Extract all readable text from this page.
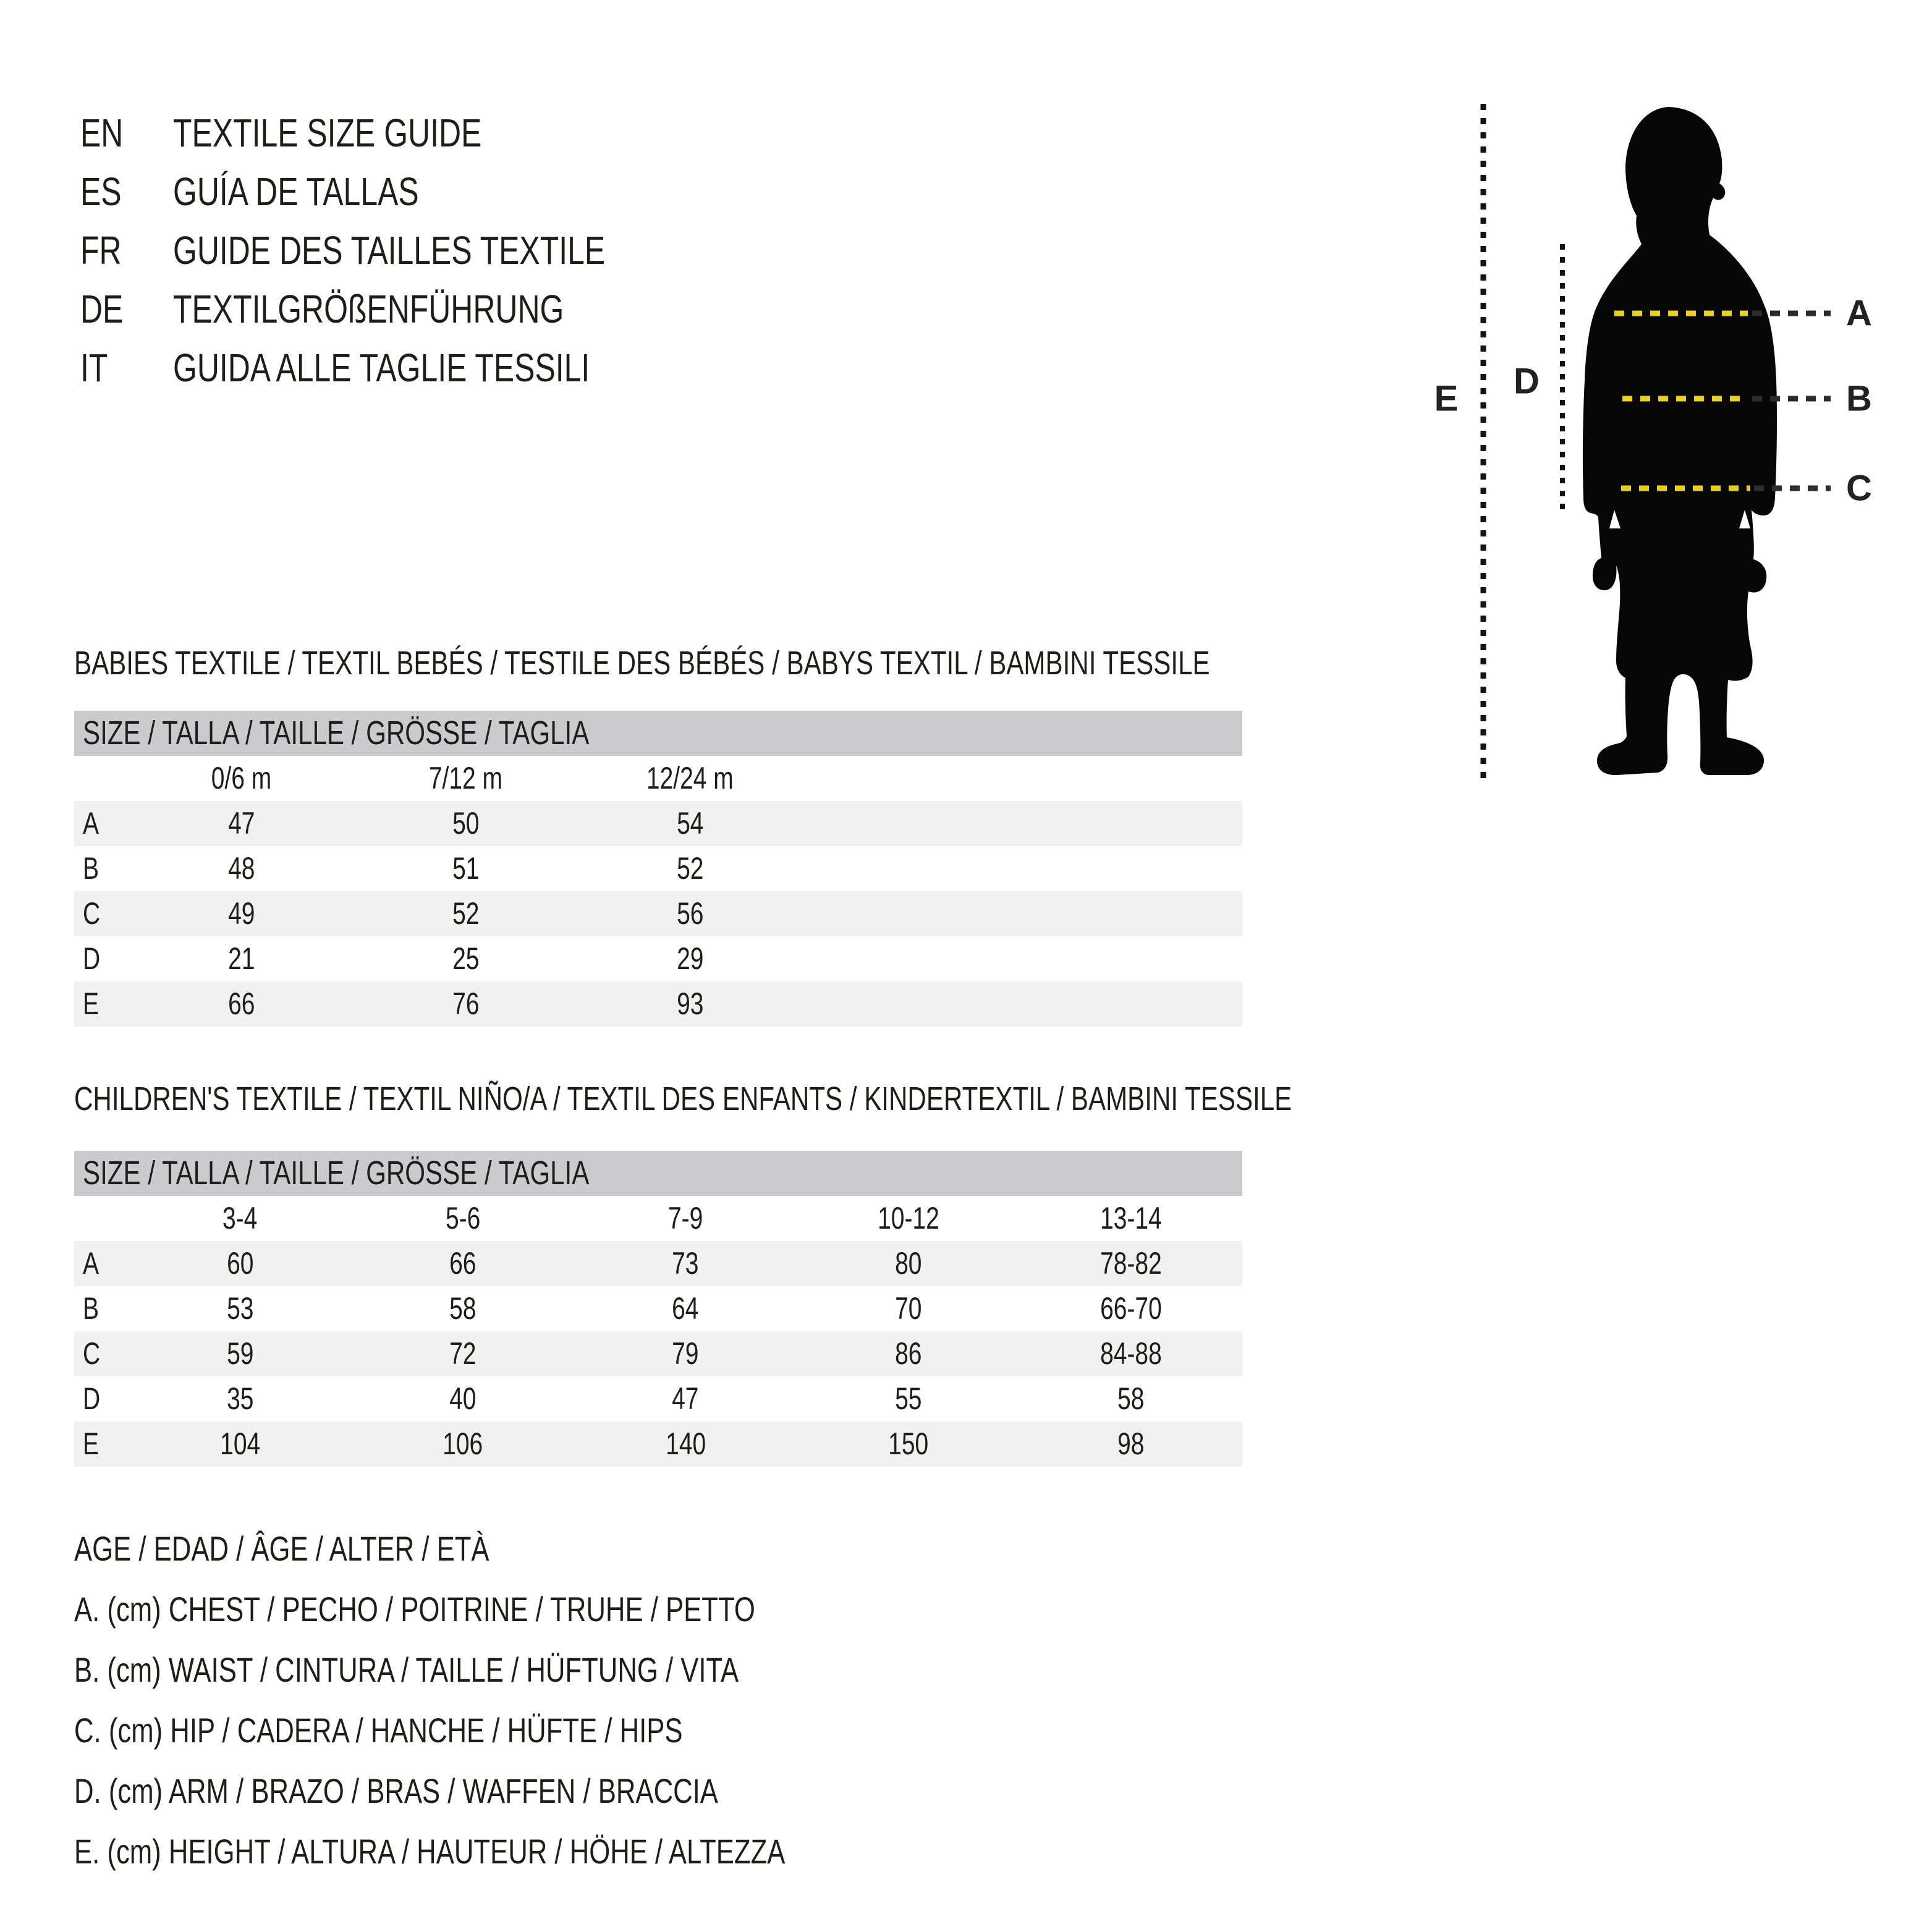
EN	TEXTILE SIZE GUIDE
ES GUÍA DE TALLAS
FR GUIDE DES TAILLES TEXTILE
DE	TEXTILGRÖßENFÜHRUNG
IT GUIDA ALLE TAGLIE TESSILI
A
B
C
D
E
BABIES TEXTILE / TEXTIL BEBÉS / TESTILE DES BÉBÉS / BABYS TEXTIL / BAMBINI TESSILE
SIZE / TALLA / TAILLE / GRÖSSE / TAGLIA
0/6 m	7/12 m	12/24 m
A	47	50	54
B	48	51	52
C	49	52	56
D	21	25	29
E	66	76	93
CHILDREN'S TEXTILE / TEXTIL NIÑO/A / TEXTIL DES ENFANTS / KINDERTEXTIL / BAMBINI TESSILE
SIZE / TALLA / TAILLE / GRÖSSE / TAGLIA
3-4	5-6	7-9	10-12	13-14
A	60	66	73	80	78-82
B	53	58	64	70	66-70
C	59	72	79	86	84-88
D	35	40	47	55	58
E	104	106	140	150	98
AGE / EDAD / ÂGE / ALTER / ETÀ
A. (cm) CHEST / PECHO / POITRINE / TRUHE / PETTO
B. (cm) WAIST / CINTURA / TAILLE / HÜFTUNG / VITA
C. (cm) HIP / CADERA / HANCHE / HÜFTE / HIPS
D. (cm) ARM / BRAZO / BRAS / WAFFEN / BRACCIA
E. (cm) HEIGHT / ALTURA / HAUTEUR / HÖHE / ALTEZZA
